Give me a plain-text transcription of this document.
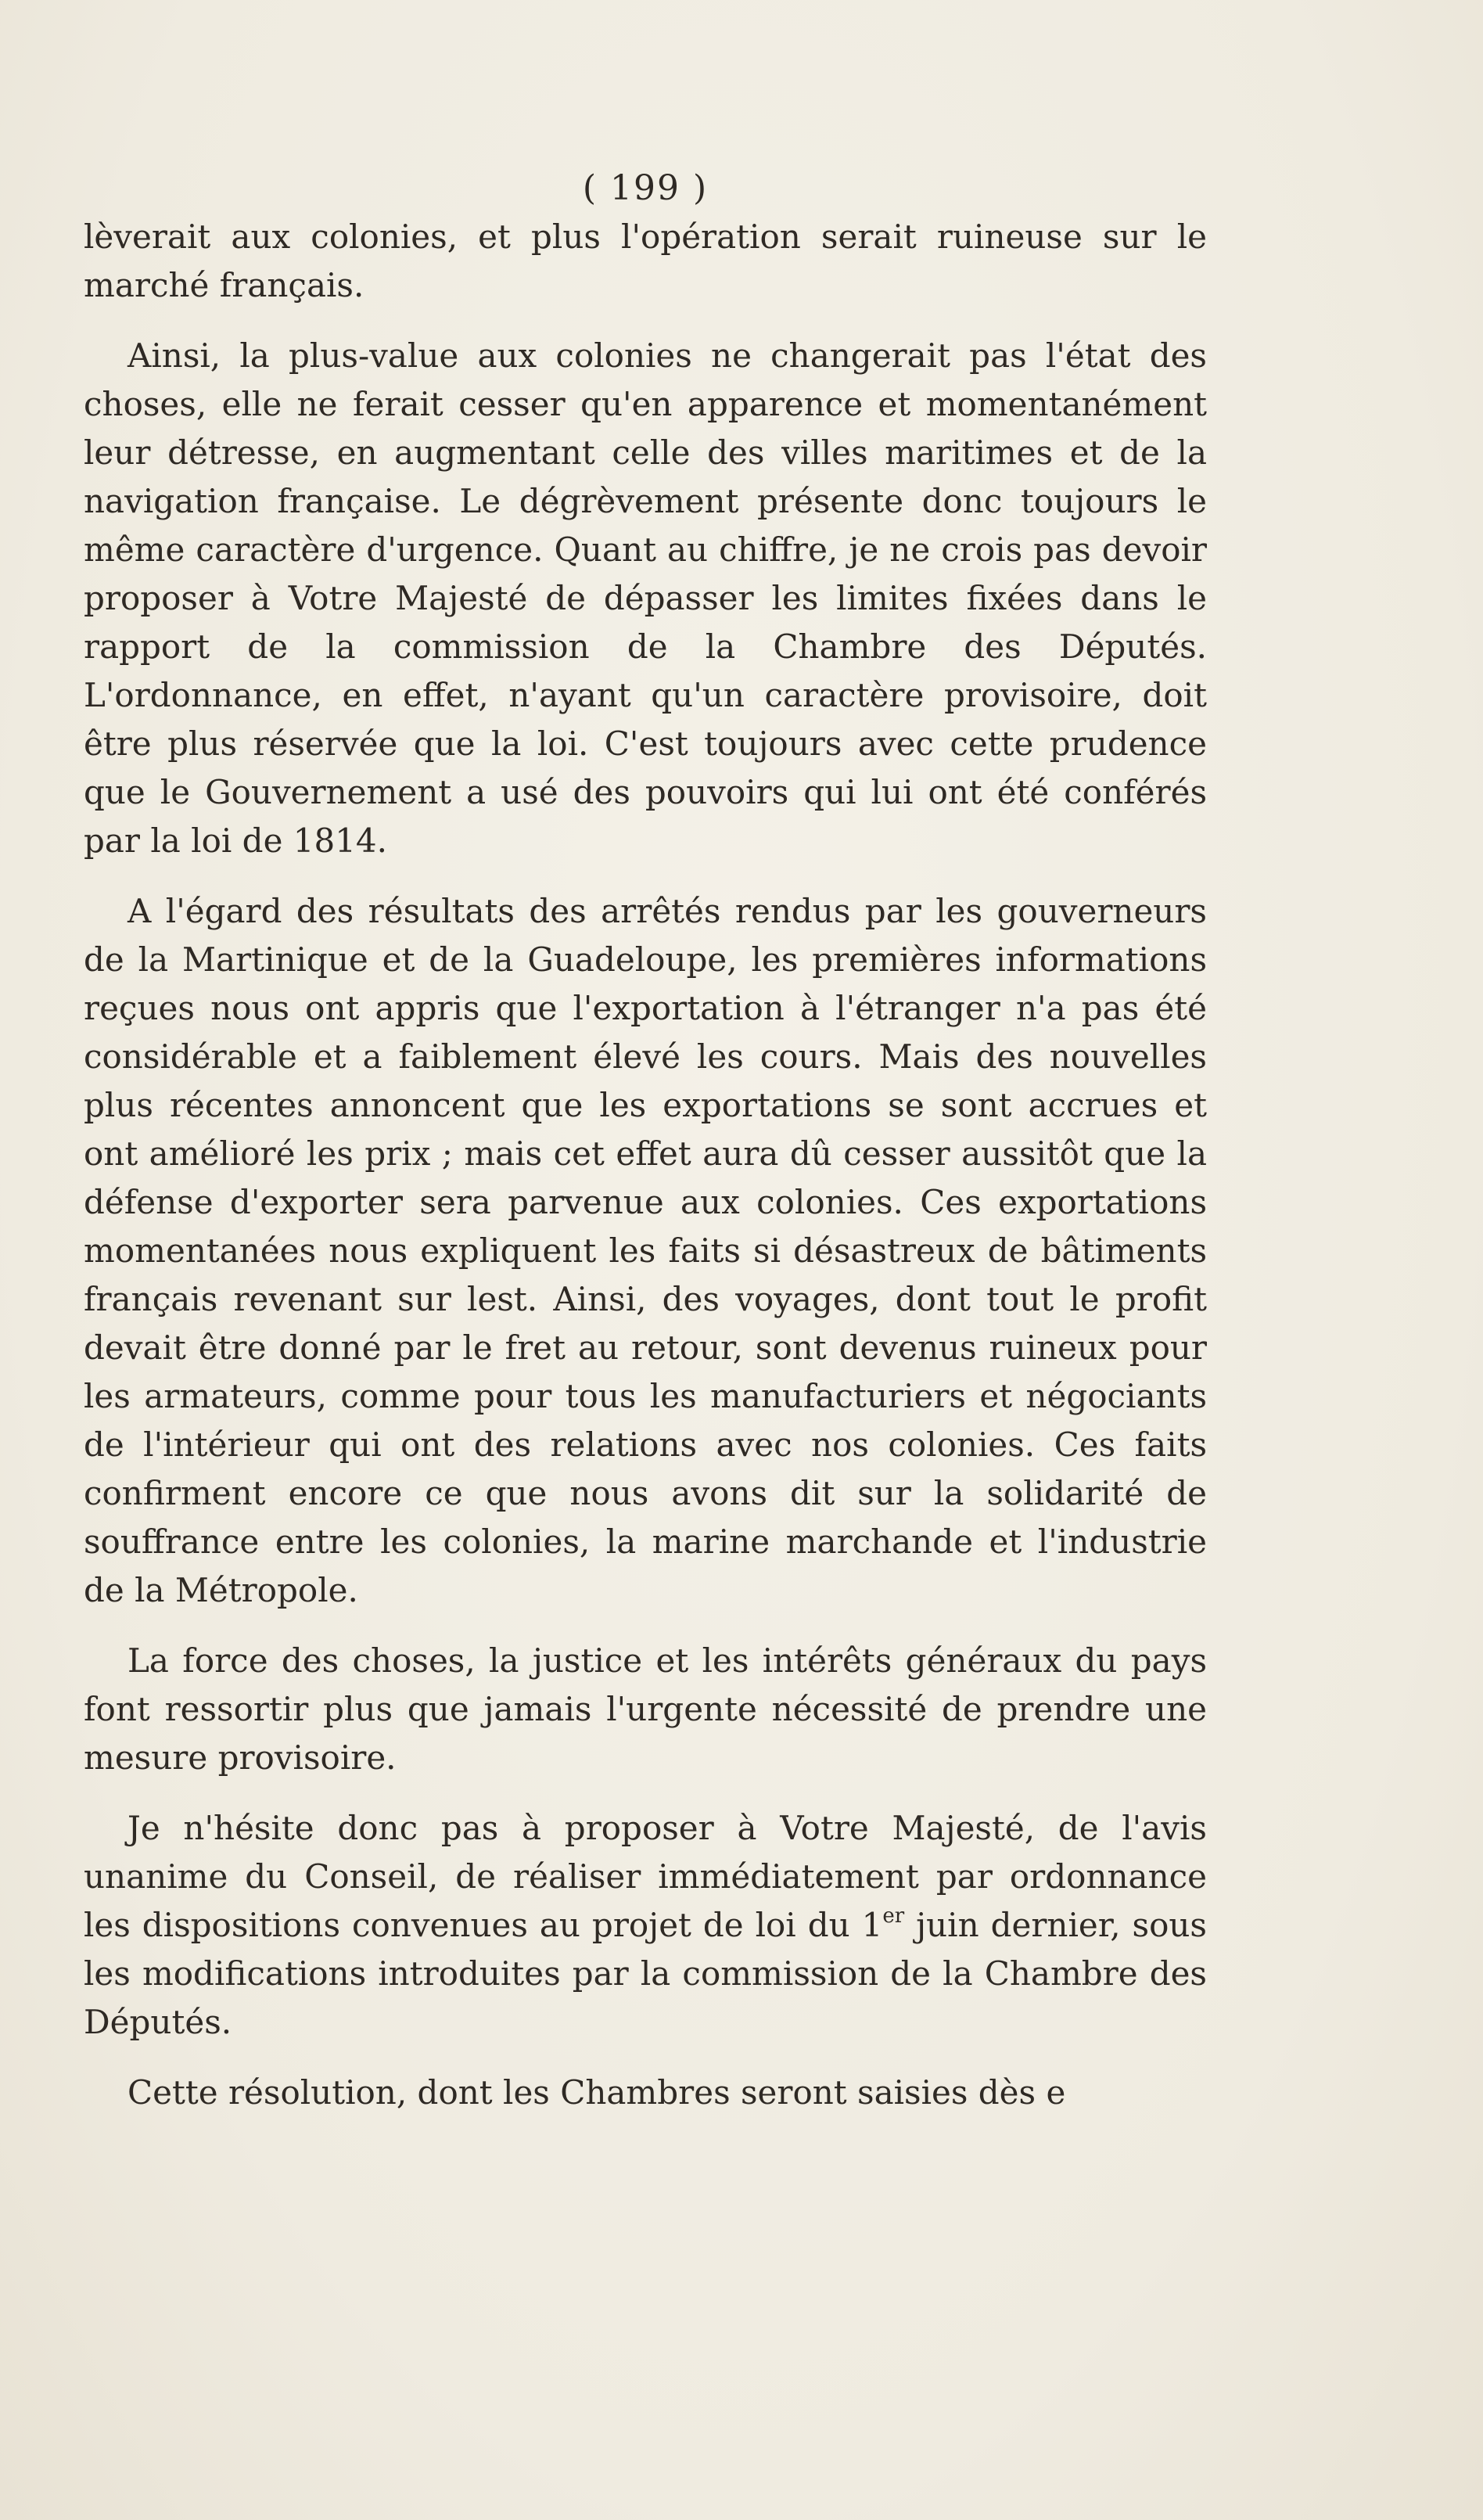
( 199 )

lèverait aux colonies, et plus l'opération serait ruineuse sur le marché français.

Ainsi, la plus-value aux colonies ne changerait pas l'état des choses, elle ne ferait cesser qu'en apparence et momentanément leur détresse, en augmentant celle des villes maritimes et de la navigation française. Le dégrèvement présente donc toujours le même caractère d'urgence. Quant au chiffre, je ne crois pas devoir proposer à Votre Majesté de dépasser les limites fixées dans le rapport de la commission de la Chambre des Députés. L'ordonnance, en effet, n'ayant qu'un caractère provisoire, doit être plus réservée que la loi. C'est toujours avec cette prudence que le Gouvernement a usé des pouvoirs qui lui ont été conférés par la loi de 1814.

A l'égard des résultats des arrêtés rendus par les gouverneurs de la Martinique et de la Guadeloupe, les premières informations reçues nous ont appris que l'exportation à l'étranger n'a pas été considérable et a faiblement élevé les cours. Mais des nouvelles plus récentes annoncent que les exportations se sont accrues et ont amélioré les prix ; mais cet effet aura dû cesser aussitôt que la défense d'exporter sera parvenue aux colonies. Ces exportations momentanées nous expliquent les faits si désastreux de bâtiments français revenant sur lest. Ainsi, des voyages, dont tout le profit devait être donné par le fret au retour, sont devenus ruineux pour les armateurs, comme pour tous les manufacturiers et négociants de l'intérieur qui ont des relations avec nos colonies. Ces faits confirment encore ce que nous avons dit sur la solidarité de souffrance entre les colonies, la marine marchande et l'industrie de la Métropole.

La force des choses, la justice et les intérêts généraux du pays font ressortir plus que jamais l'urgente nécessité de prendre une mesure provisoire.

Je n'hésite donc pas à proposer à Votre Majesté, de l'avis unanime du Conseil, de réaliser immédiatement par ordonnance les dispositions convenues au projet de loi du 1er juin dernier, sous les modifications introduites par la commission de la Chambre des Députés.

Cette résolution, dont les Chambres seront saisies dès e
